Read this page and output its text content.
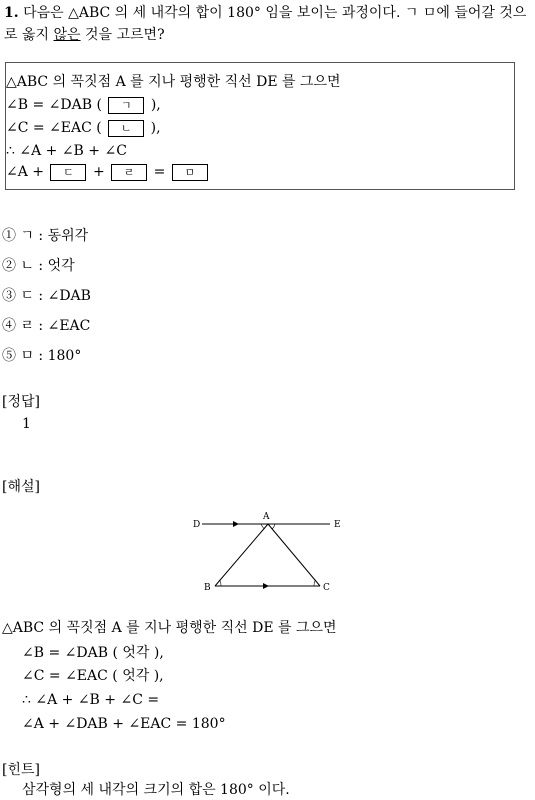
1. 다음은 △ABC 의 세 내각의 합이 180° 임을 보이는 과정이다. ㄱ ㅁ에 들어갈 것으로 옳지 않은 것을 고르면?
△ABC 의 꼭짓점 A 를 지나 평행한 직선 DE 를 그으면
∠B = ∠DAB ( ㄱ ),
∠C = ∠EAC ( ㄴ ),
∴ ∠A + ∠B + ∠C
∠A + ㄷ + ㄹ = ㅁ
① ㄱ : 동위각
② ㄴ : 엇각
③ ㄷ : ∠DAB
④ ㄹ : ∠EAC
⑤ ㅁ : 180°
[정답]
1
[해설]
D
A
E
B	C
△ABC 의 꼭짓점 A 를 지나 평행한 직선 DE 를 그으면
∠B = ∠DAB ( 엇각 ),
∠C = ∠EAC ( 엇각 ),
∴ ∠A + ∠B + ∠C =
∠A + ∠DAB + ∠EAC = 180°
[힌트]
삼각형의 세 내각의 크기의 합은 180° 이다.
